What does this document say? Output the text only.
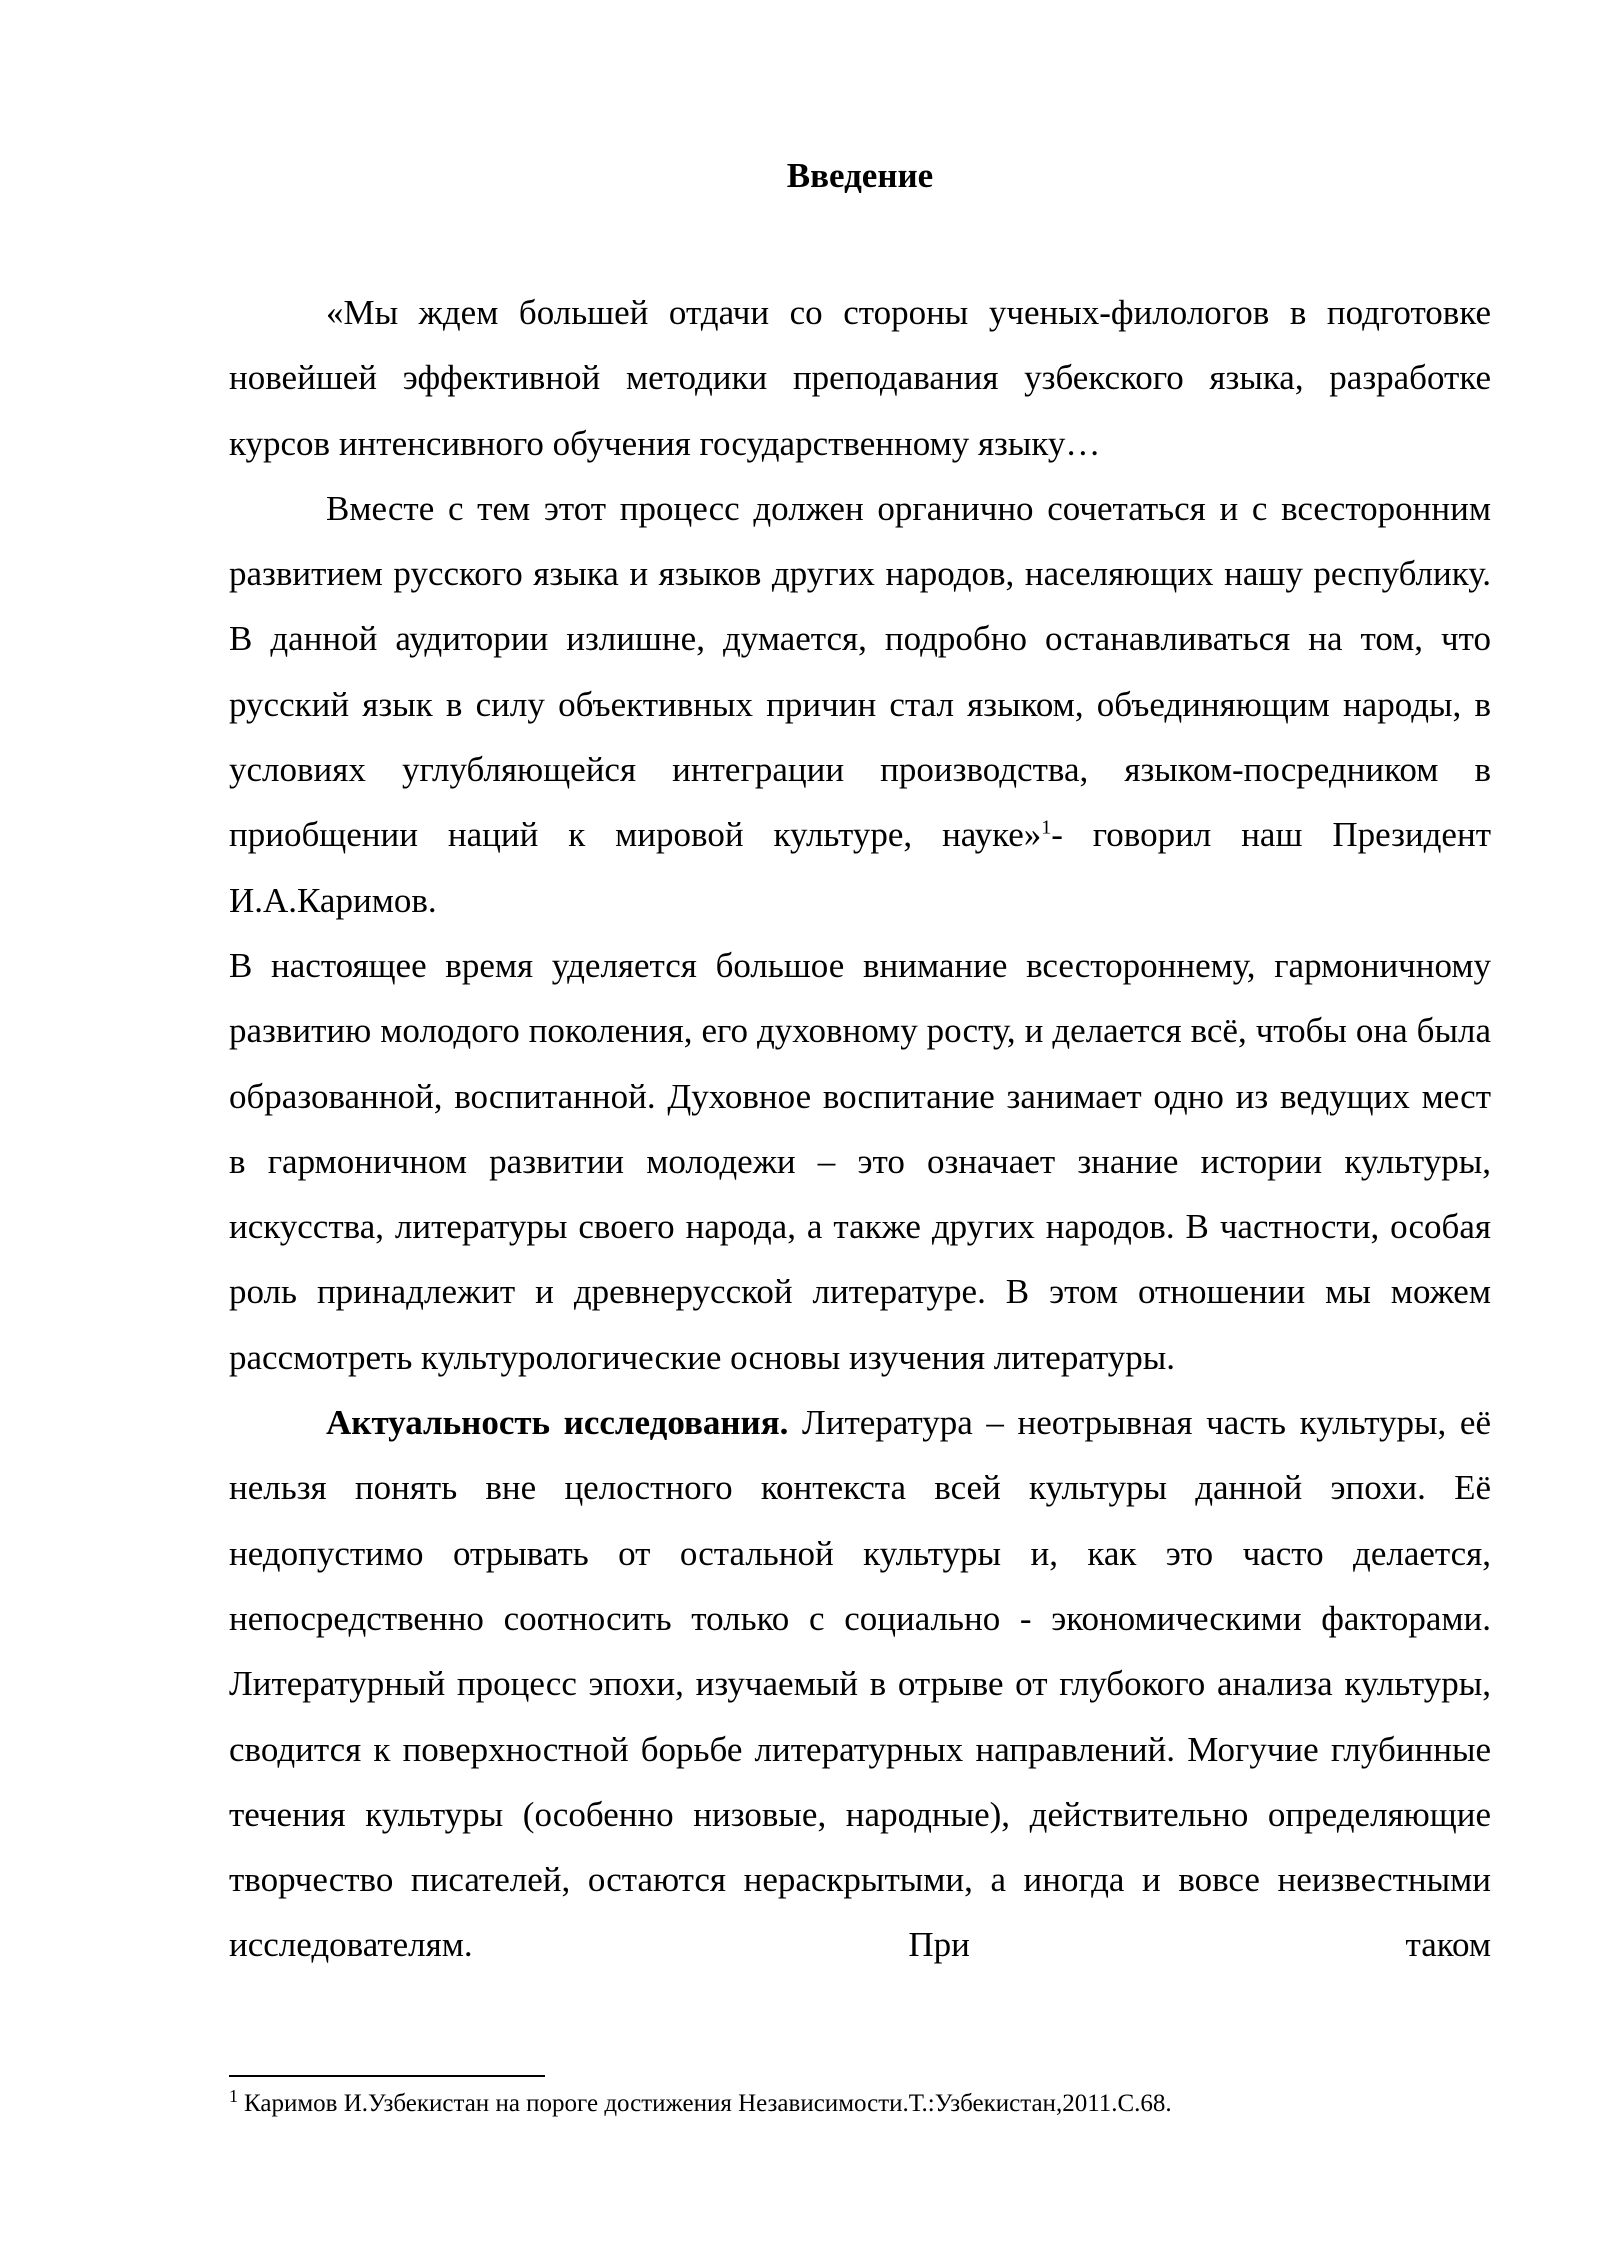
Введение

«Мы ждем большей отдачи со стороны ученых-филологов в подготовке новейшей эффективной методики преподавания узбекского языка, разработке курсов интенсивного обучения государственному языку…

Вместе с тем этот процесс должен органично сочетаться и с всесторонним развитием русского языка и языков других народов, населяющих нашу республику. В данной аудитории излишне, думается, подробно останавливаться на том, что русский язык в силу объективных причин стал языком, объединяющим народы, в условиях углубляющейся интеграции производства, языком-посредником в приобщении наций к мировой культуре, науке»$^1$- говорил наш Президент И.А.Каримов.

В настоящее время уделяется большое внимание всестороннему, гармоничному развитию молодого поколения, его духовному росту, и делается всё, чтобы она была образованной, воспитанной. Духовное воспитание занимает одно из ведущих мест в гармоничном развитии молодежи – это означает знание истории культуры, искусства, литературы своего народа, а также других народов. В частности, особая роль принадлежит и древнерусской литературе. В этом отношении мы можем рассмотреть культурологические основы изучения литературы.

Актуальность исследования. Литература – неотрывная часть культуры, её нельзя понять вне целостного контекста всей культуры данной эпохи. Её недопустимо отрывать от остальной культуры и, как это часто делается, непосредственно соотносить только с социально - экономическими факторами. Литературный процесс эпохи, изучаемый в отрыве от глубокого анализа культуры, сводится к поверхностной борьбе литературных направлений. Могучие глубинные течения культуры (особенно низовые, народные), действительно определяющие творчество писателей, остаются нераскрытыми, а иногда и вовсе неизвестными исследователям. При таком

$^1$ Каримов И.Узбекистан на пороге достижения Независимости.Т.:Узбекистан,2011.С.68.
